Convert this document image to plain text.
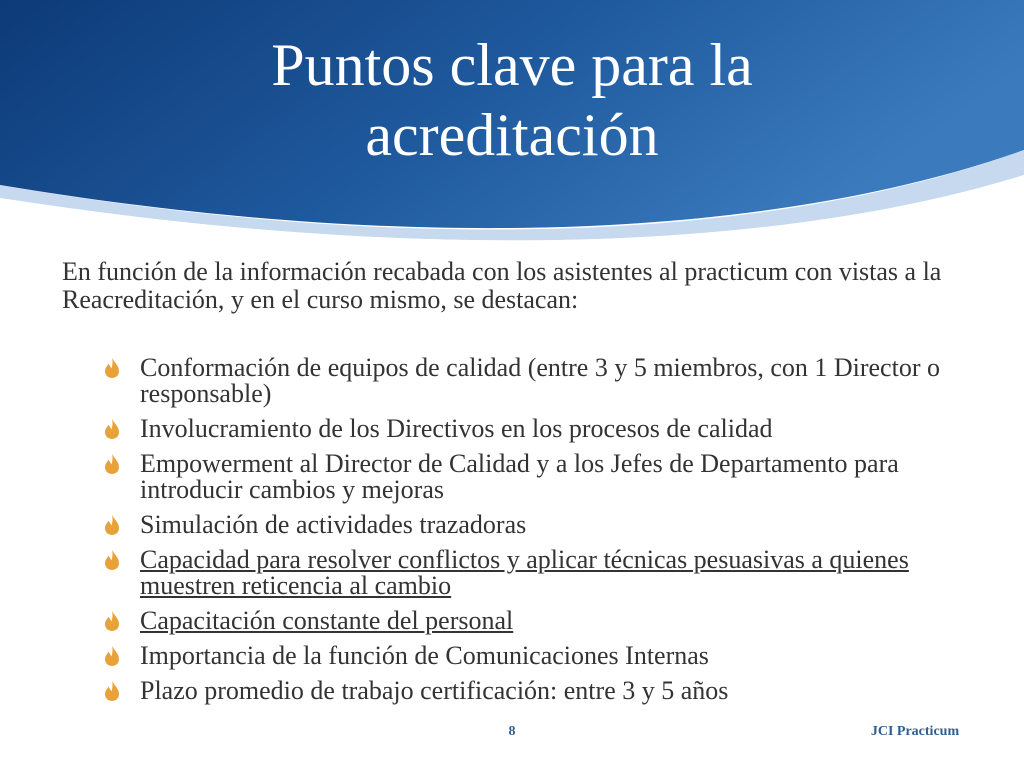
Puntos clave para la
acreditación

En función de la información recabada con los asistentes al practicum con vistas a la Reacreditación, y en el curso mismo, se destacan:

Conformación de equipos de calidad (entre 3 y 5 miembros, con 1 Director o responsable)
Involucramiento de los Directivos en los procesos de calidad
Empowerment al Director de Calidad y a los Jefes de Departamento para introducir cambios y mejoras
Simulación de actividades trazadoras
Capacidad para resolver conflictos y aplicar técnicas pesuasivas a quienes muestren reticencia al cambio
Capacitación constante del personal
Importancia de la función de Comunicaciones Internas
Plazo promedio de trabajo certificación: entre 3 y 5 años
8	JCI Practicum
